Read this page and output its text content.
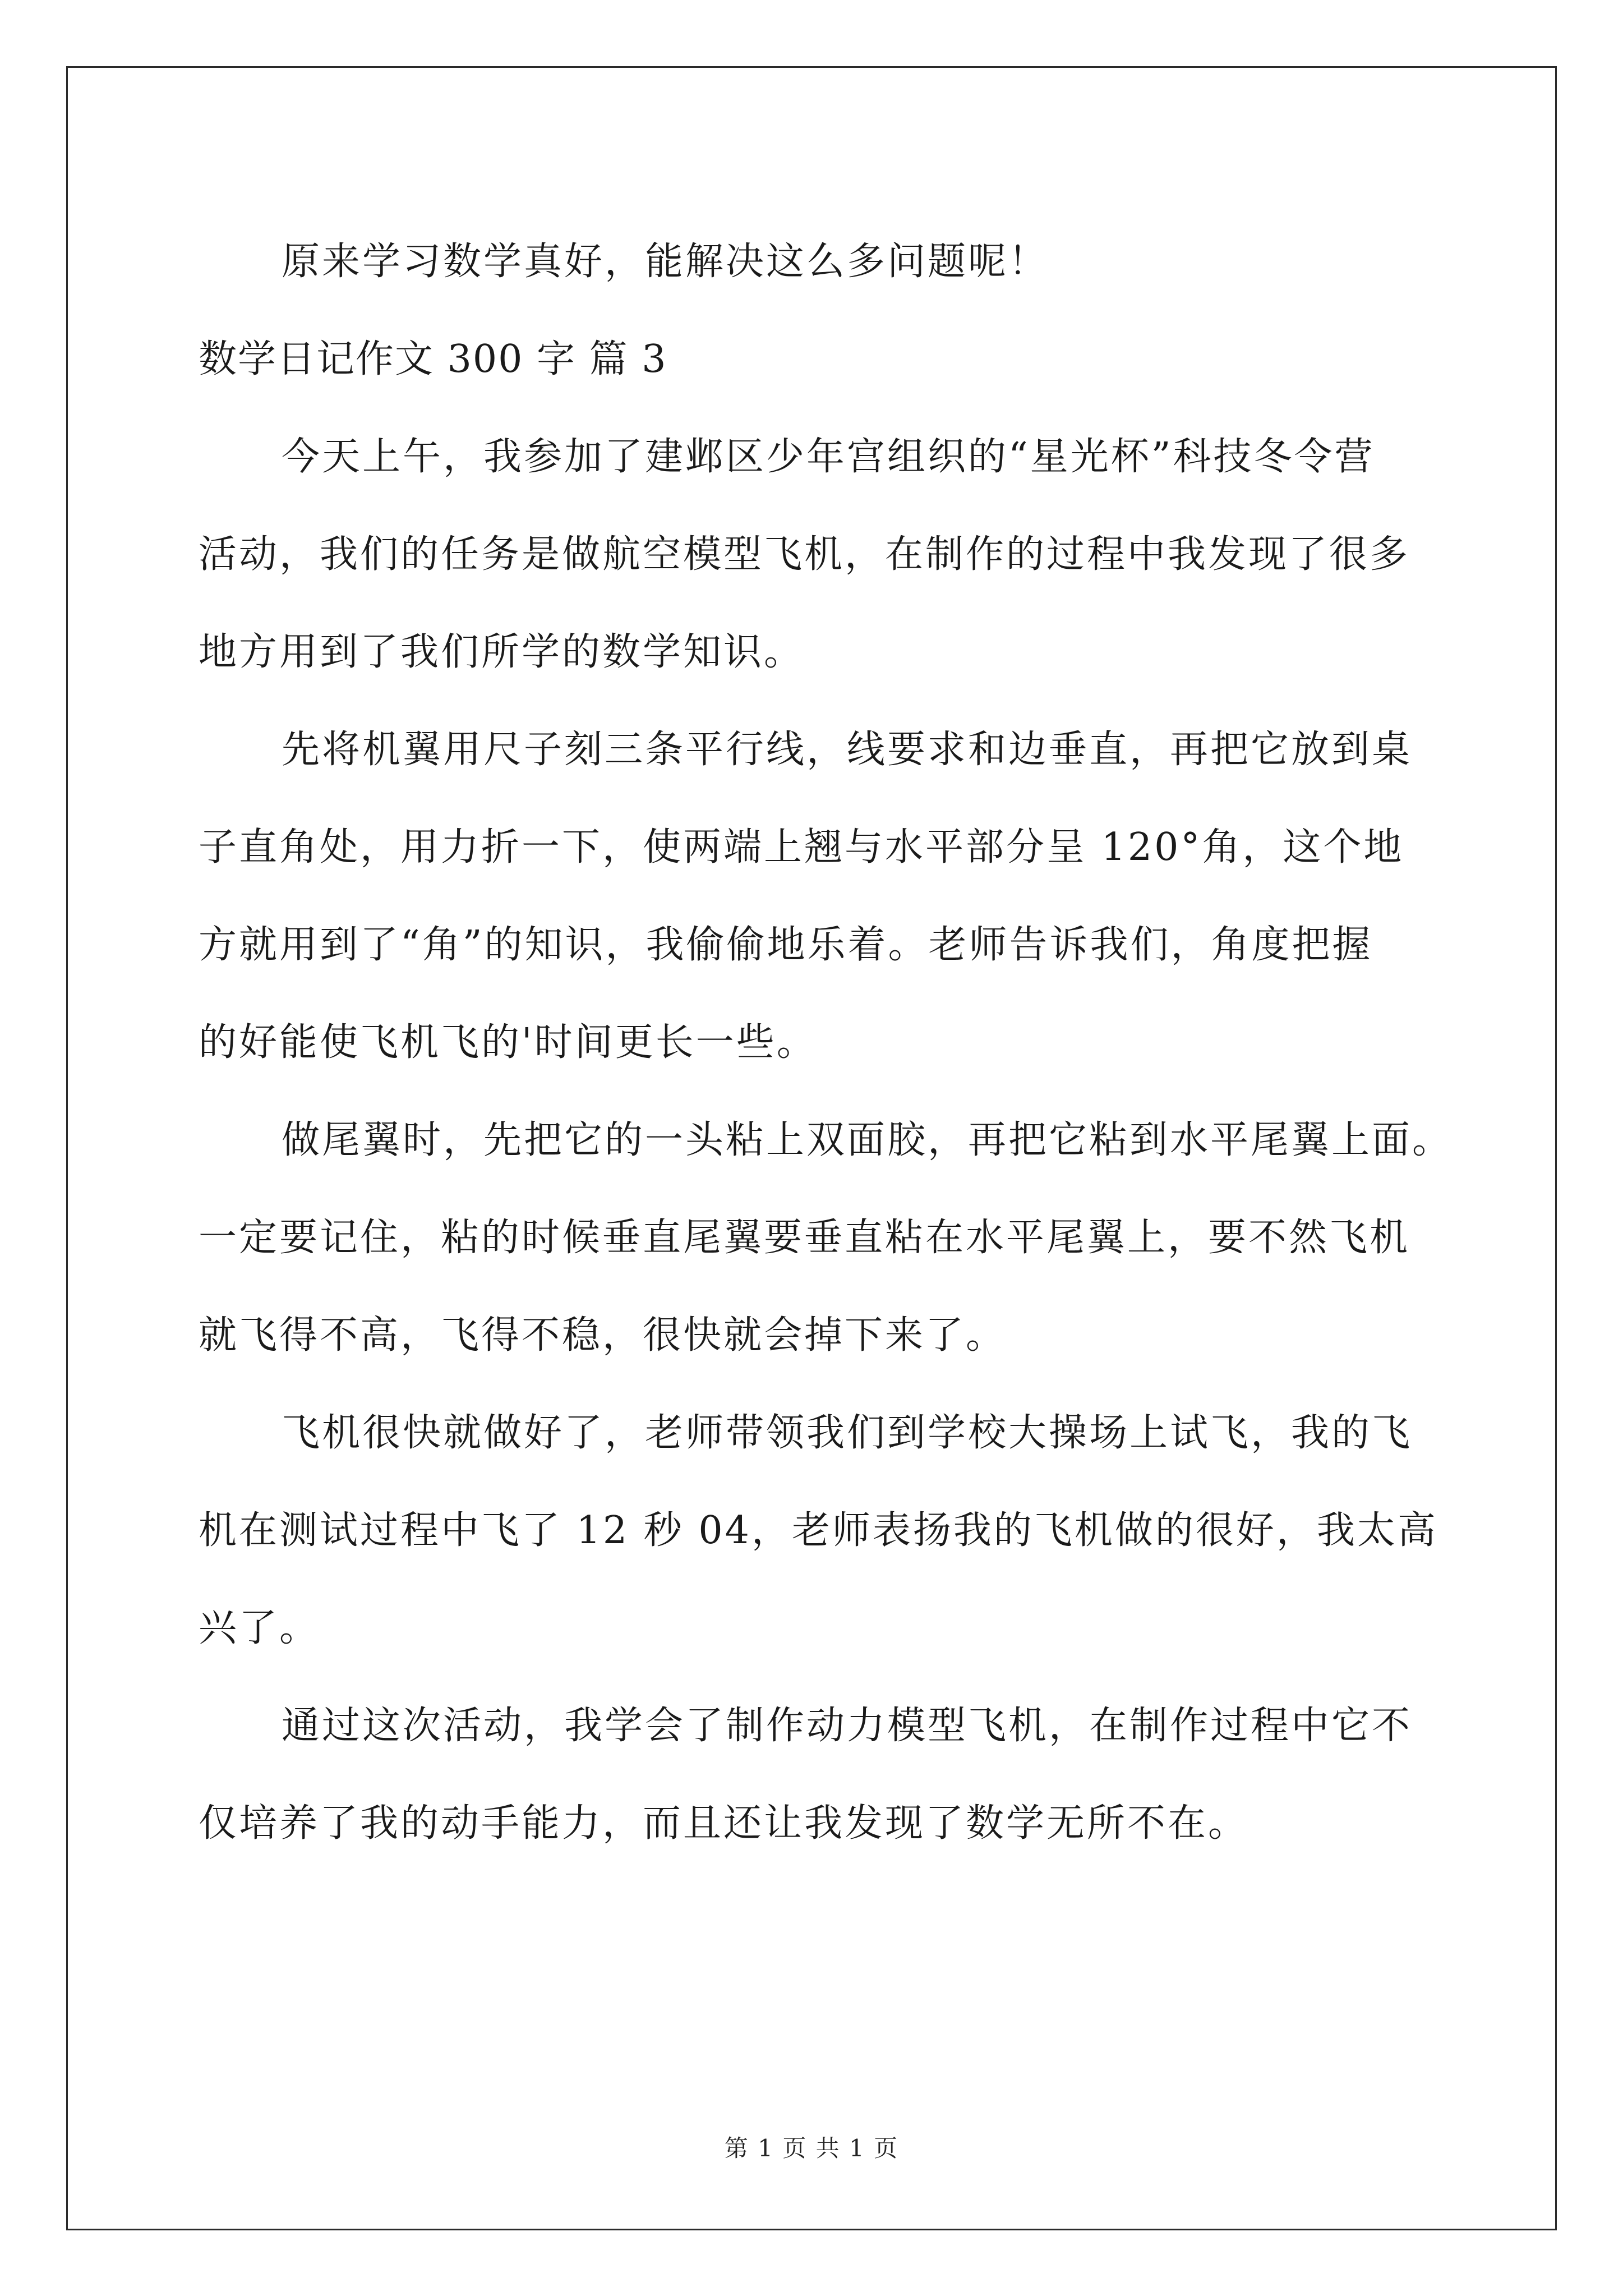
原来学习数学真好，能解决这么多问题呢！
数学日记作文 300 字 篇 3
今天上午，我参加了建邺区少年宫组织的“星光杯”科技冬令营
活动，我们的任务是做航空模型飞机，在制作的过程中我发现了很多
地方用到了我们所学的数学知识。
先将机翼用尺子刻三条平行线，线要求和边垂直，再把它放到桌
子直角处，用力折一下，使两端上翘与水平部分呈 120°角，这个地
方就用到了“角”的知识，我偷偷地乐着。老师告诉我们，角度把握
的好能使飞机飞的'时间更长一些。
做尾翼时，先把它的一头粘上双面胶，再把它粘到水平尾翼上面。
一定要记住，粘的时候垂直尾翼要垂直粘在水平尾翼上，要不然飞机
就飞得不高，飞得不稳，很快就会掉下来了。
飞机很快就做好了，老师带领我们到学校大操场上试飞，我的飞
机在测试过程中飞了 12 秒 04，老师表扬我的飞机做的很好，我太高
兴了。
通过这次活动，我学会了制作动力模型飞机，在制作过程中它不
仅培养了我的动手能力，而且还让我发现了数学无所不在。
第 1 页 共 1 页
